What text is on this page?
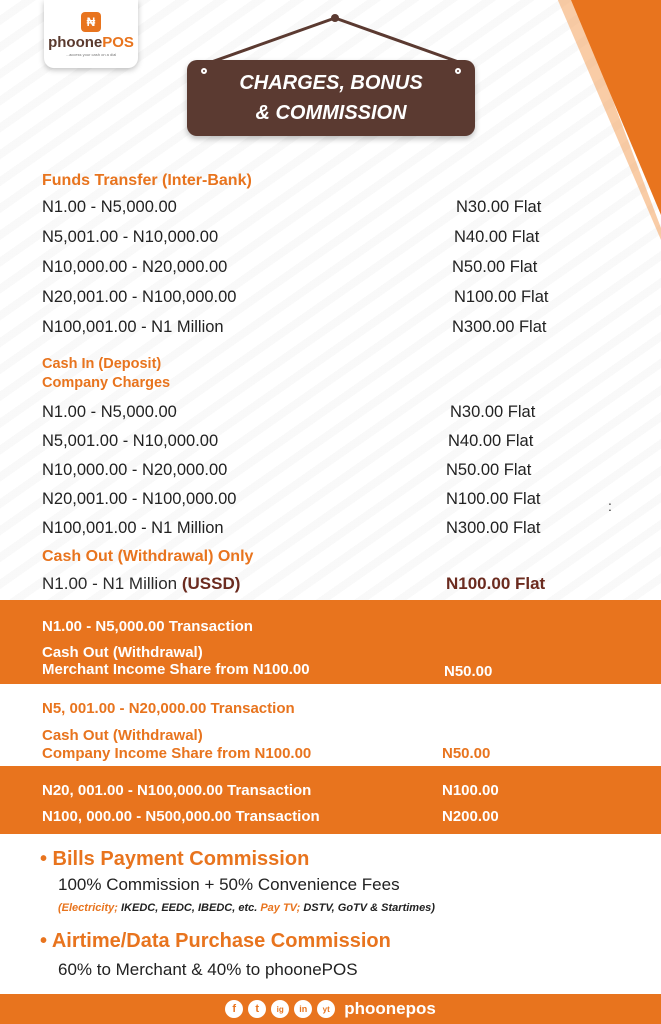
₦
phoonePOS
...access your cash on a dial
CHARGES, BONUS
& COMMISSION
Funds Transfer (Inter-Bank)
N1.00 - N5,000.00	N30.00 Flat
N5,001.00 - N10,000.00	N40.00 Flat
N10,000.00 - N20,000.00	N50.00 Flat
N20,001.00 - N100,000.00	N100.00 Flat
N100,001.00 - N1 Million	N300.00 Flat
Cash In (Deposit)
Company Charges
N1.00 - N5,000.00	N30.00 Flat
N5,001.00 - N10,000.00	N40.00 Flat
N10,000.00 - N20,000.00	N50.00 Flat
N20,001.00 - N100,000.00	N100.00 Flat
N100,001.00 - N1 Million	N300.00 Flat
:
Cash Out (Withdrawal) Only
N1.00 - N1 Million (USSD)	N100.00 Flat
N1.00 - N5,000.00 Transaction
Cash Out (Withdrawal)
Merchant Income Share from N100.00	N50.00
N5, 001.00 - N20,000.00 Transaction
Cash Out (Withdrawal)
Company Income Share from N100.00	N50.00
N20, 001.00 - N100,000.00 Transaction	N100.00
N100, 000.00 - N500,000.00 Transaction	N200.00
• Bills Payment Commission
100% Commission + 50% Convenience Fees
(Electricity; IKEDC, EEDC, IBEDC, etc. Pay TV; DSTV, GoTV & Startimes)
• Airtime/Data Purchase Commission
60% to Merchant & 40% to phoonePOS
f	t	ig	in	yt phoonepos
